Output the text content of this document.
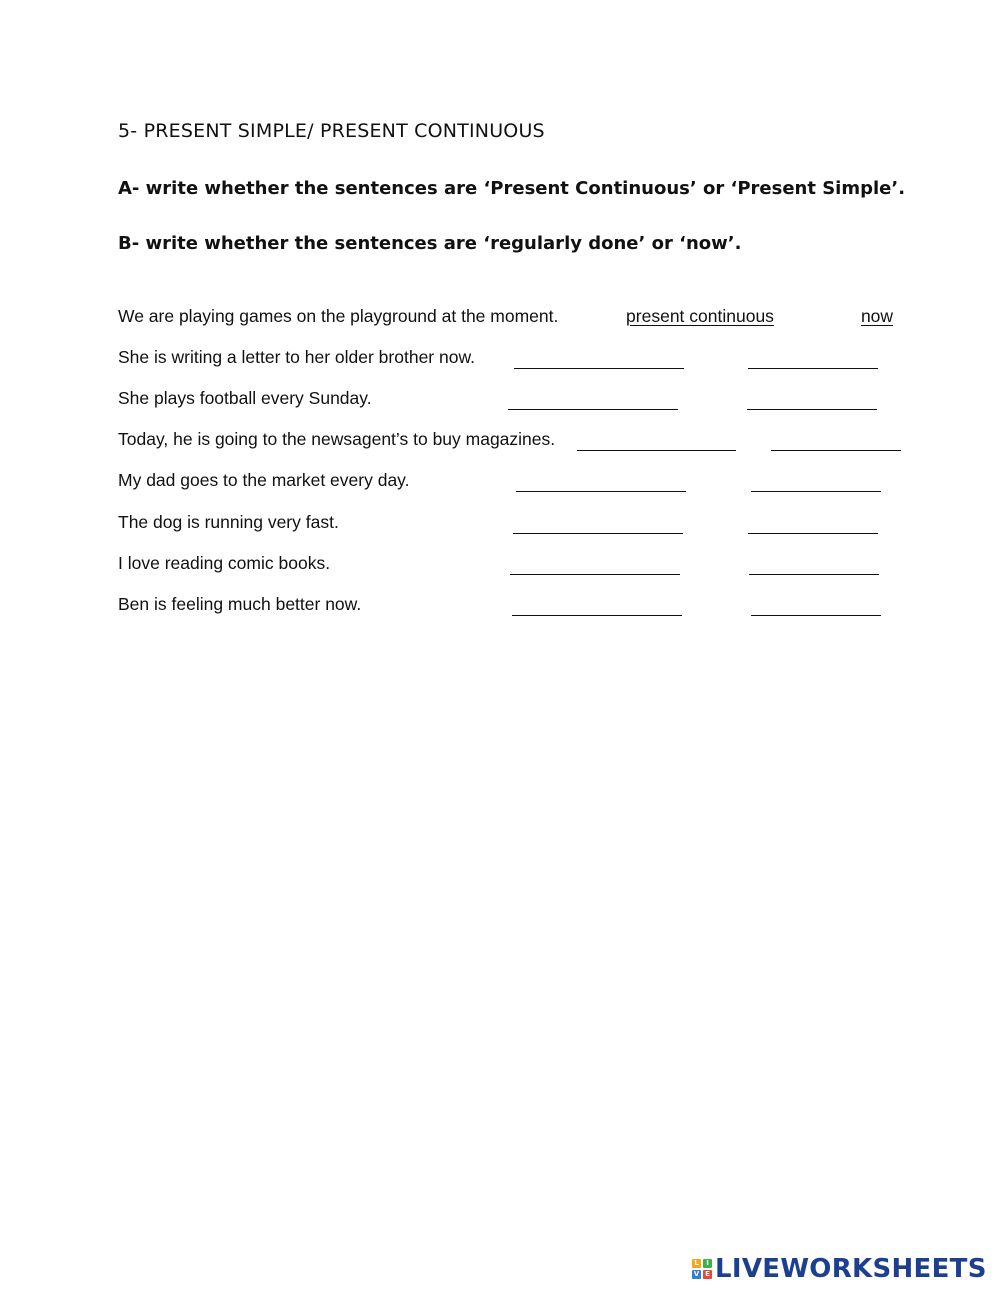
5- PRESENT SIMPLE/ PRESENT CONTINUOUS
A- write whether the sentences are ‘Present Continuous’ or ‘Present Simple’.
B- write whether the sentences are ‘regularly done’ or ‘now’.
We are playing games on the playground at the moment.	present continuous	now
She is writing a letter to her older brother now.
She plays football every Sunday.
Today, he is going to the newsagent’s to buy magazines.
My dad goes to the market every day.
The dog is running very fast.
I love reading comic books.
Ben is feeling much better now.
L	I
V E LIVEWORKSHEETS
